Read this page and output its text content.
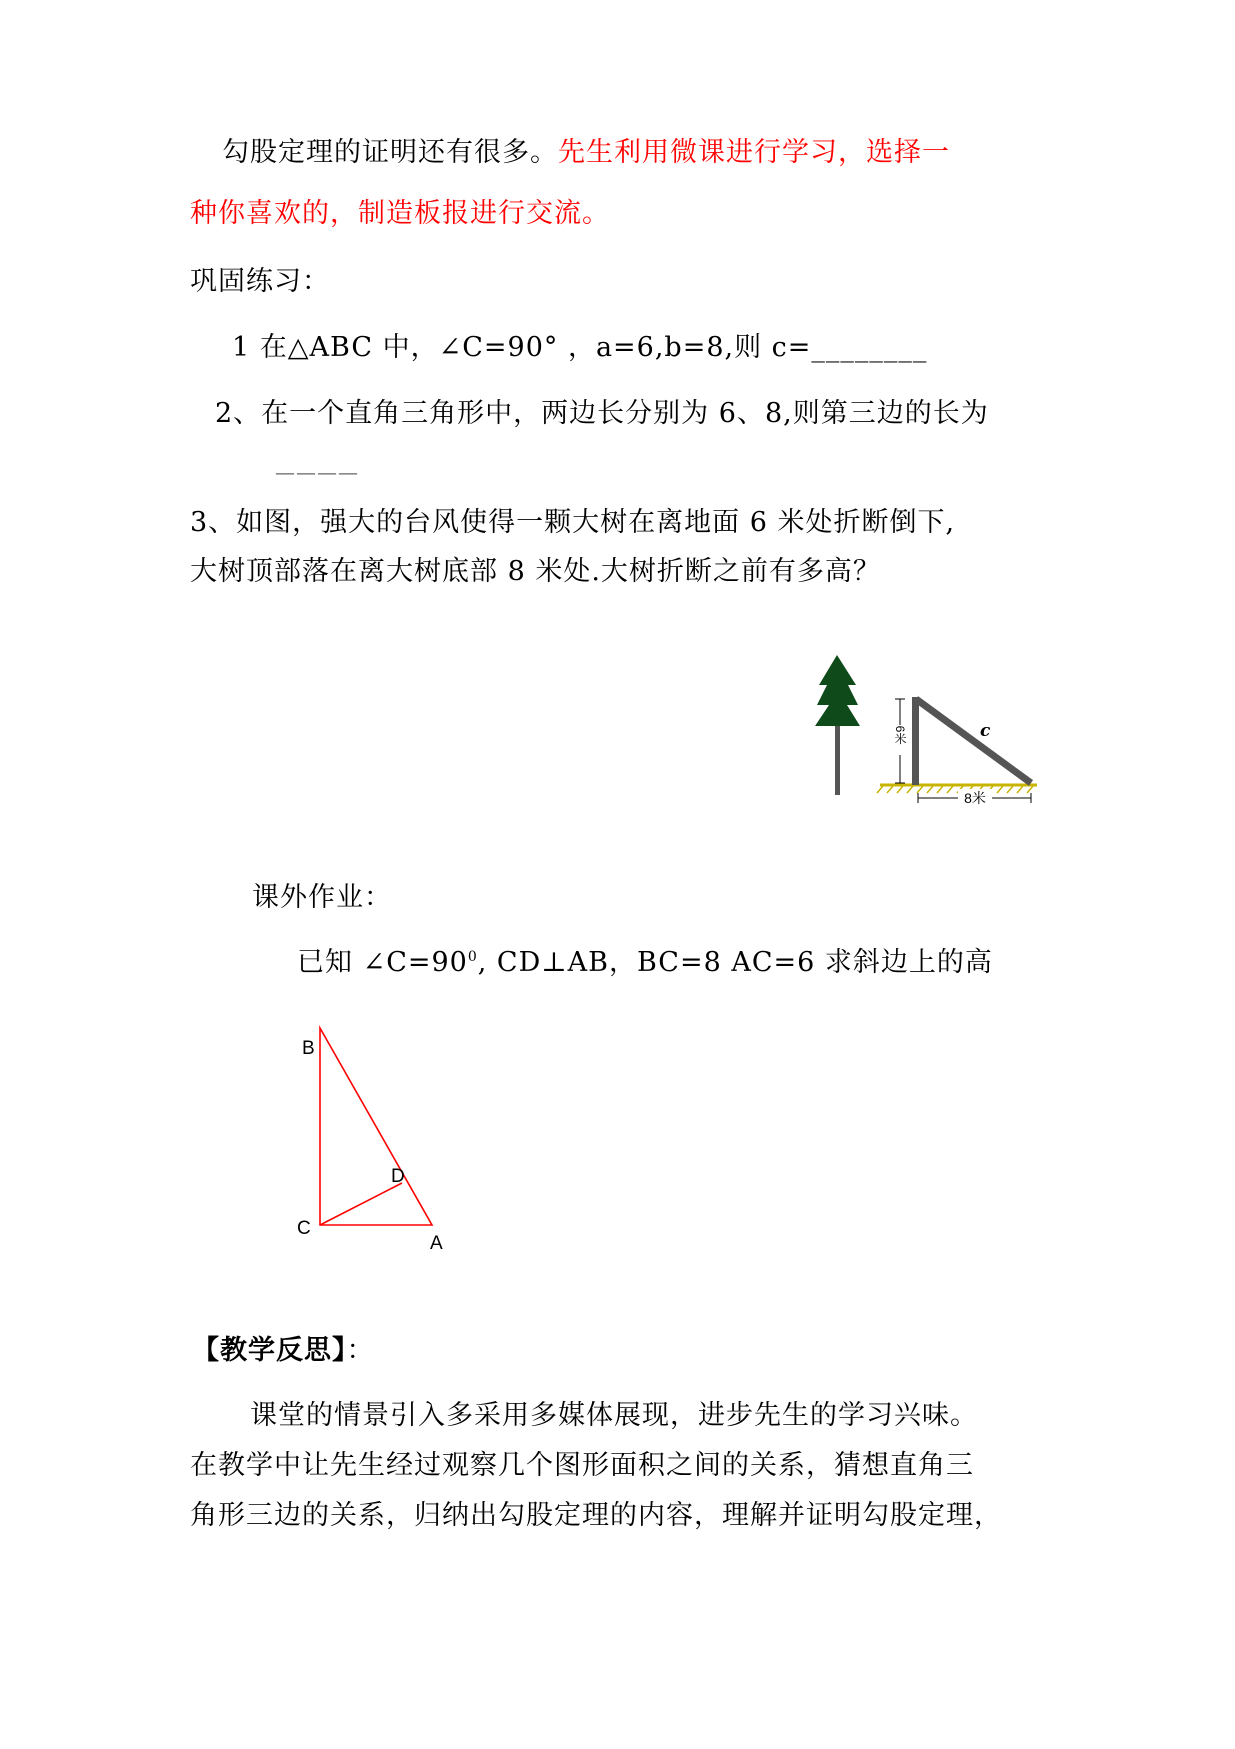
勾股定理的证明还有很多。先生利用微课进行学习，选择一
种你喜欢的，制造板报进行交流。
巩固练习：
1 在△ABC 中，∠C=90° ，a=6,b=8,则 c=________
2、在一个直角三角形中，两边长分别为 6、8,则第三边的长为
————
3、如图，强大的台风使得一颗大树在离地面 6 米处折断倒下,
大树顶部落在离大树底部 8 米处.大树折断之前有多高？
6米
8米
c
课外作业：
已知 $\angle C=90^0$, CD⊥AB，BC=8 AC=6 求斜边上的高
B
D
C
A
【教学反思】：
课堂的情景引入多采用多媒体展现，进步先生的学习兴味。
在教学中让先生经过观察几个图形面积之间的关系，猜想直角三
角形三边的关系，归纳出勾股定理的内容，理解并证明勾股定理，
